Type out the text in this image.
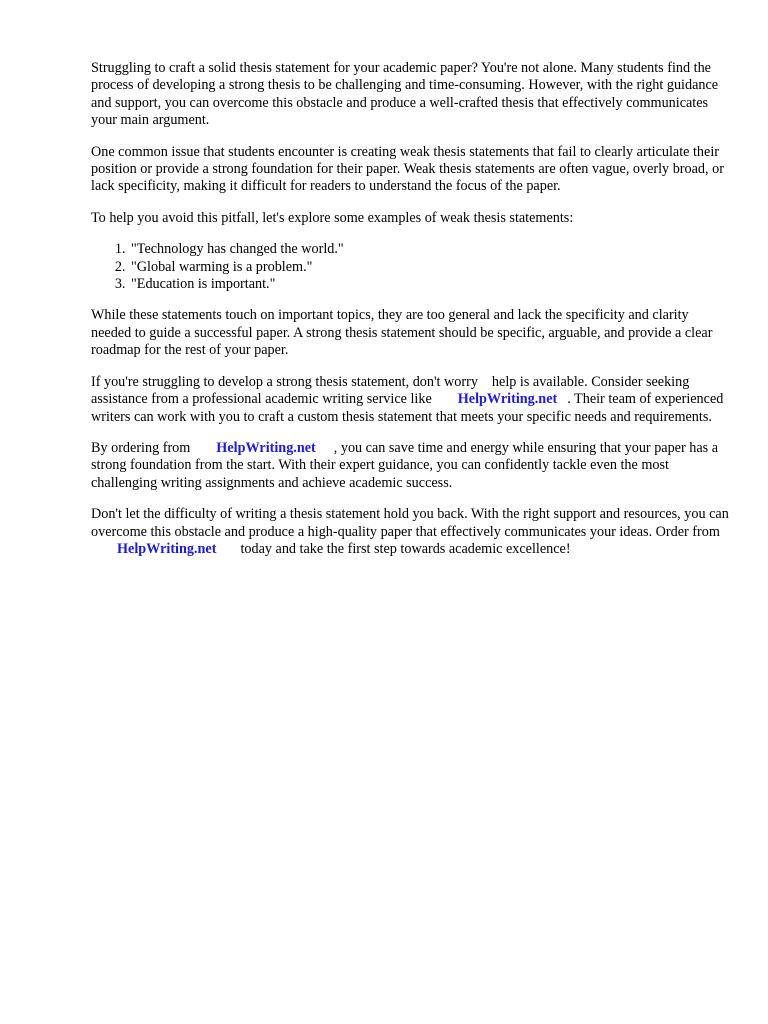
Struggling to craft a solid thesis statement for your academic paper? You're not alone. Many students find the process of developing a strong thesis to be challenging and time-consuming. However, with the right guidance and support, you can overcome this obstacle and produce a well-crafted thesis that effectively communicates your main argument.

One common issue that students encounter is creating weak thesis statements that fail to clearly articulate their position or provide a strong foundation for their paper. Weak thesis statements are often vague, overly broad, or lack specificity, making it difficult for readers to understand the focus of the paper.

To help you avoid this pitfall, let's explore some examples of weak thesis statements:

1. "Technology has changed the world."
2. "Global warming is a problem."
3. "Education is important."

While these statements touch on important topics, they are too general and lack the specificity and clarity needed to guide a successful paper. A strong thesis statement should be specific, arguable, and provide a clear roadmap for the rest of your paper.

If you're struggling to develop a strong thesis statement, don't worry help is available. Consider seeking assistance from a professional academic writing service like HelpWriting.net . Their team of experienced writers can work with you to craft a custom thesis statement that meets your specific needs and requirements.

By ordering from HelpWriting.net , you can save time and energy while ensuring that your paper has a strong foundation from the start. With their expert guidance, you can confidently tackle even the most challenging writing assignments and achieve academic success.

Don't let the difficulty of writing a thesis statement hold you back. With the right support and resources, you can overcome this obstacle and produce a high-quality paper that effectively communicates your ideas. Order fromHelpWriting.net today and take the first step towards academic excellence!
